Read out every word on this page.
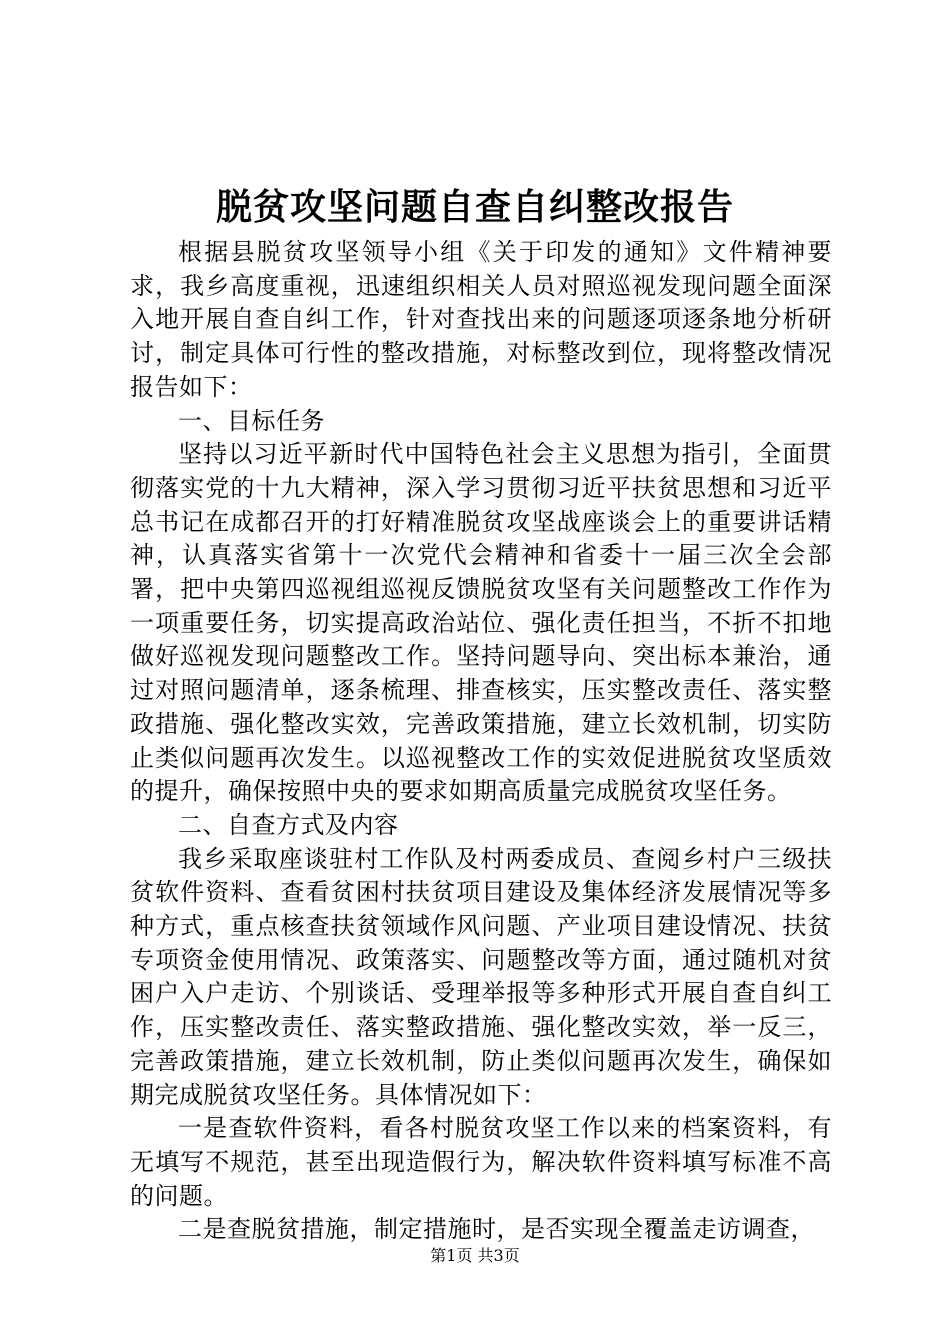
脱贫攻坚问题自查自纠整改报告

根据县脱贫攻坚领导小组《关于印发的通知》文件精神要求，我乡高度重视，迅速组织相关人员对照巡视发现问题全面深入地开展自查自纠工作，针对查找出来的问题逐项逐条地分析研讨，制定具体可行性的整改措施，对标整改到位，现将整改情况报告如下：

一、目标任务

坚持以习近平新时代中国特色社会主义思想为指引，全面贯彻落实党的十九大精神，深入学习贯彻习近平扶贫思想和习近平总书记在成都召开的打好精准脱贫攻坚战座谈会上的重要讲话精神，认真落实省第十一次党代会精神和省委十一届三次全会部署，把中央第四巡视组巡视反馈脱贫攻坚有关问题整改工作作为一项重要任务，切实提高政治站位、强化责任担当，不折不扣地做好巡视发现问题整改工作。坚持问题导向、突出标本兼治，通过对照问题清单，逐条梳理、排查核实，压实整改责任、落实整政措施、强化整改实效，完善政策措施，建立长效机制，切实防止类似问题再次发生。以巡视整改工作的实效促进脱贫攻坚质效的提升，确保按照中央的要求如期高质量完成脱贫攻坚任务。

二、自查方式及内容

我乡采取座谈驻村工作队及村两委成员、查阅乡村户三级扶贫软件资料、查看贫困村扶贫项目建设及集体经济发展情况等多种方式，重点核查扶贫领域作风问题、产业项目建设情况、扶贫专项资金使用情况、政策落实、问题整改等方面，通过随机对贫困户入户走访、个别谈话、受理举报等多种形式开展自查自纠工作，压实整改责任、落实整政措施、强化整改实效，举一反三，完善政策措施，建立长效机制，防止类似问题再次发生，确保如期完成脱贫攻坚任务。具体情况如下：

一是查软件资料，看各村脱贫攻坚工作以来的档案资料，有无填写不规范，甚至出现造假行为，解决软件资料填写标准不高的问题。

二是查脱贫措施，制定措施时，是否实现全覆盖走访调查，

第1页 共3页
